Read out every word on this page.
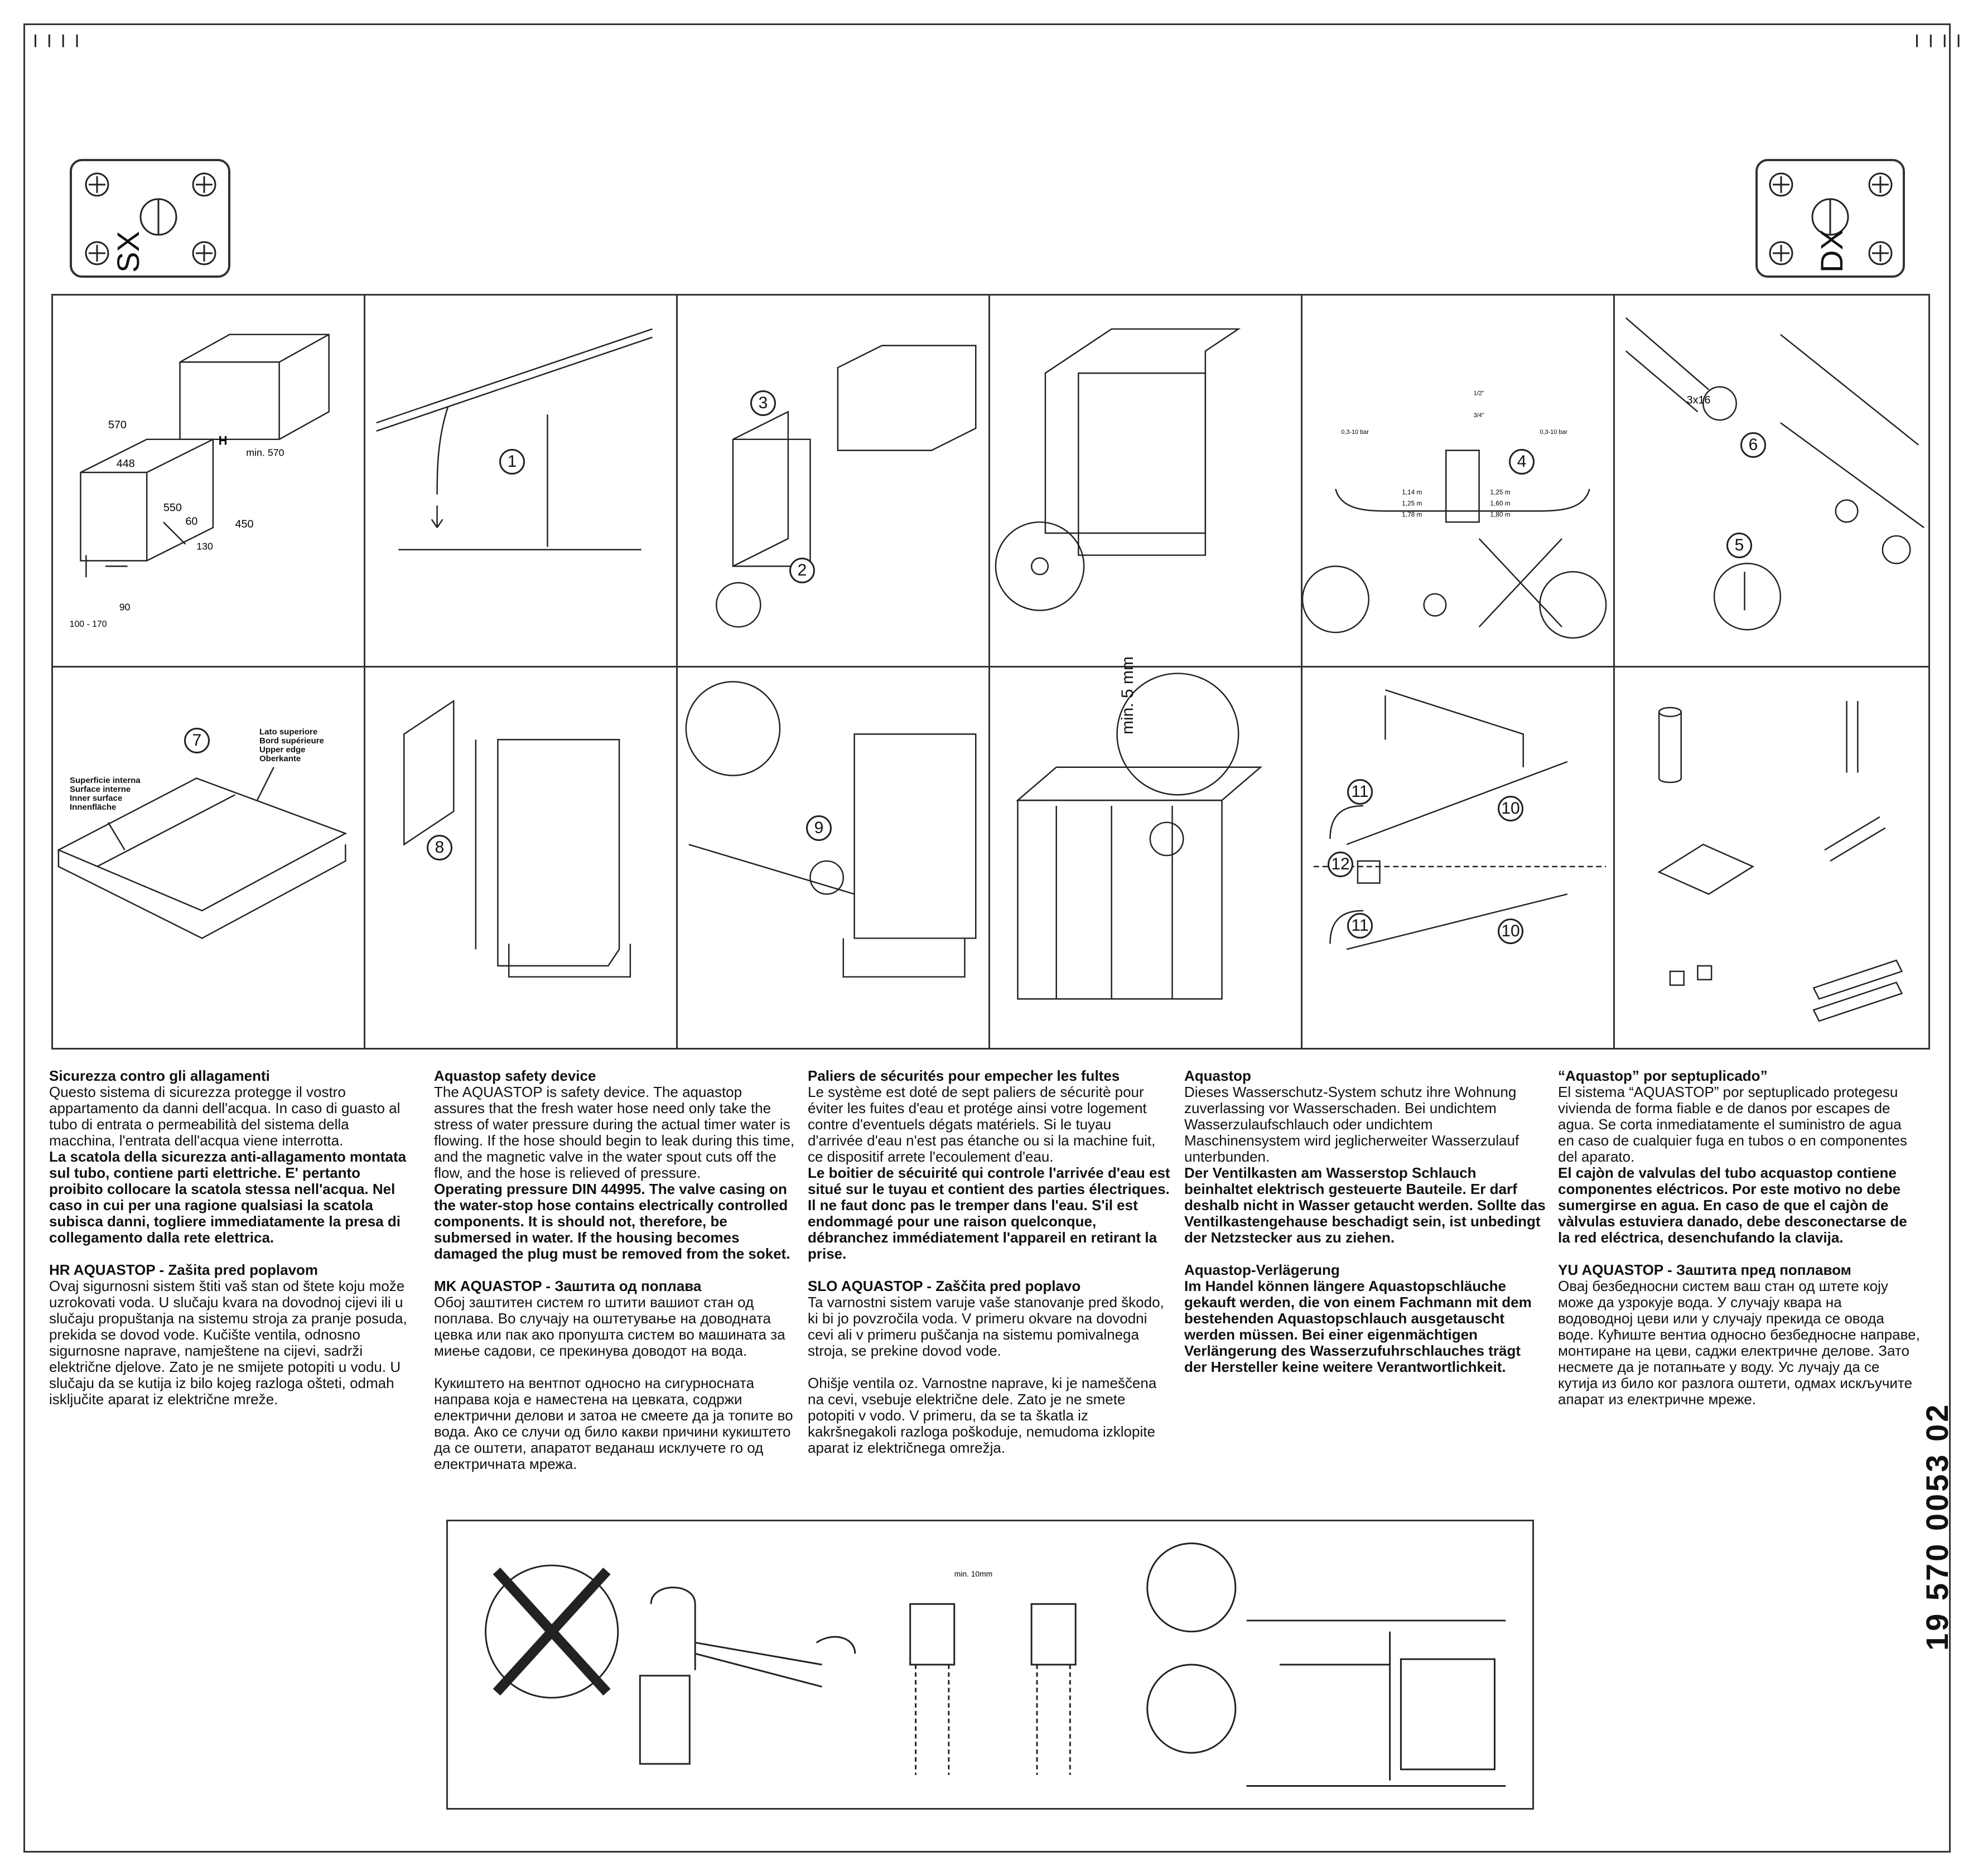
╷╷╷╷	╷╷╷╷
SX	DX
570
448
550
60	450
min. 570
H
100 - 170
90
130
1
3
2
1,14 m
1,25 m
1,78 m
1,25 m
1,60 m
1,80 m
0,3-10 bar	0,3-10 bar
1/2"
3/4"
4
3x16
6
5
7
Superficie interna
Surface interne
Inner surface
Innenfläche
Lato superiore
Bord supérieure
Upper edge
Oberkante
8
9
min. 5 mm
11
10
12
11	10
Sicurezza contro gli allagamenti

Questo sistema di sicurezza protegge il vostro appartamento da danni dell'acqua. In caso di guasto al tubo di entrata o permeabilità del sistema della macchina, l'entrata dell'acqua viene interrotta.

La scatola della sicurezza anti-allagamento montata sul tubo, contiene parti elettriche. E' pertanto proibito collocare la scatola stessa nell'acqua. Nel caso in cui per una ragione qualsiasi la scatola subisca danni, togliere immediatamente la presa di collegamento dalla rete elettrica.

HR AQUASTOP - Zašita pred poplavom

Ovaj sigurnosni sistem štiti vaš stan od štete koju može uzrokovati voda. U slučaju kvara na dovodnoj cijevi ili u slučaju propuštanja na sistemu stroja za pranje posuda, prekida se dovod vode. Kučište ventila, odnosno sigurnosne naprave, namještene na cijevi, sadrži električne djelove. Zato je ne smijete potopiti u vodu. U slučaju da se kutija iz bilo kojeg razloga ošteti, odmah isključite aparat iz električne mreže.

Aquastop safety device

The AQUASTOP is safety device. The aquastop assures that the fresh water hose need only take the stress of water pressure during the actual timer water is flowing. If the hose should begin to leak during this time, and the magnetic valve in the water spout cuts off the flow, and the hose is relieved of pressure.

Operating pressure DIN 44995. The valve casing on the water-stop hose contains electrically controlled components. It is should not, therefore, be submersed in water. If the housing becomes damaged the plug must be removed from the soket.

MK AQUASTOP - Заштита од поплава

Обој заштитен систем го штити вашиот стан од поплава. Во случају на оштетување на доводната цевка или пак ако пропушта систем во машината за миење садови, се прекинува доводот на вода.

Кукиштето на вентпот односно на сигурносната направа која е наместена на цевката, содржи електрични делови и затоа не смеете да ја топите во вода. Ако се случи од било какви причини кукиштето да се оштети, апаратот веданаш исклучете го од електричната мрежа.

Paliers de sécurités pour empecher les fultes

Le système est doté de sept paliers de sécuritè pour éviter les fuites d'eau et protége ainsi votre logement contre d'eventuels dégats matériels. Si le tuyau d'arrivée d'eau n'est pas étanche ou si la machine fuit, ce dispositif arrete l'ecoulement d'eau.

Le boitier de sécuirité qui controle l'arrivée d'eau est situé sur le tuyau et contient des parties électriques. Il ne faut donc pas le tremper dans l'eau. S'il est endommagé pour une raison quelconque, débranchez immédiatement l'appareil en retirant la prise.

SLO AQUASTOP - Zaščita pred poplavo

Ta varnostni sistem varuje vaše stanovanje pred škodo, ki bi jo povzročila voda. V primeru okvare na dovodni cevi ali v primeru puščanja na sistemu pomivalnega stroja, se prekine dovod vode.

Ohišje ventila oz. Varnostne naprave, ki je nameščena na cevi, vsebuje električne dele. Zato je ne smete potopiti v vodo. V primeru, da se ta škatla iz kakršnegakoli razloga poškoduje, nemudoma izklopite aparat iz električnega omrežja.

Aquastop

Dieses Wasserschutz-System schutz ihre Wohnung zuverlassing vor Wasserschaden. Bei undichtem Wasserzulaufschlauch oder undichtem Maschinensystem wird jeglicherweiter Wasserzulauf unterbunden.

Der Ventilkasten am Wasserstop Schlauch beinhaltet elektrisch gesteuerte Bauteile. Er darf deshalb nicht in Wasser getaucht werden. Sollte das Ventilkastengehause beschadigt sein, ist unbedingt der Netzstecker aus zu ziehen.

Aquastop-Verlägerung

Im Handel können längere Aquastopschläuche gekauft werden, die von einem Fachmann mit dem bestehenden Aquastopschlauch ausgetauscht werden müssen. Bei einer eigenmächtigen Verlängerung des Wasserzufuhrschlauches trägt der Hersteller keine weitere Verantwortlichkeit.

“Aquastop” por septuplicado”

El sistema “AQUASTOP” por septuplicado protegesu vivienda de forma fiable e de danos por escapes de agua. Se corta inmediatamente el suministro de agua en caso de cualquier fuga en tubos o en componentes del aparato.

El cajòn de valvulas del tubo acquastop contiene componentes eléctricos. Por este motivo no debe sumergirse en agua. En caso de que el cajòn de vàlvulas estuviera danado, debe desconectarse de la red eléctrica, desenchufando la clavija.

YU AQUASTOP - Заштита пред поплавом

Овај безбедносни систем ваш стан од штете коју може да узрокује вода. У случају квара на водоводној цеви или у случају прекида се овода воде. Кућиште вентиа односно безбедносне направе, монтиране на цеви, саджи електричне делове. Зато несмете да је потапњате у воду. Ус лучају да се кутија из било ког разлога оштети, одмах искључите апарат из електричне мреже.

min. 10mm	19 570 0053 02
